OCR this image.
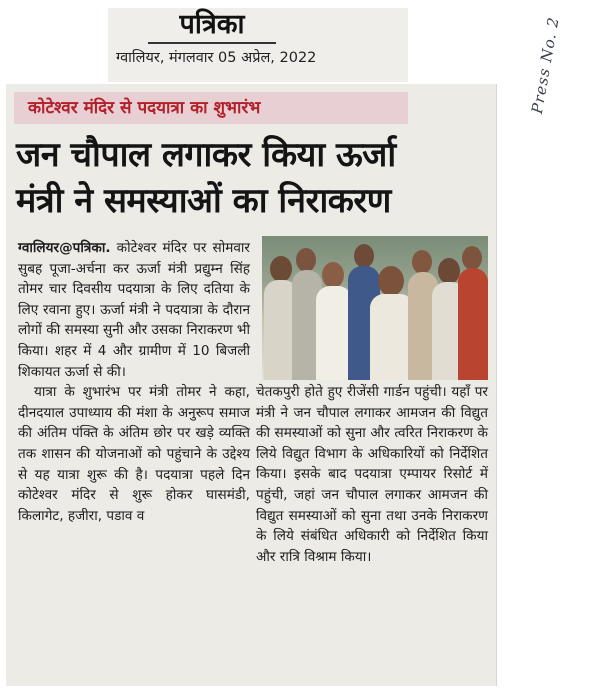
पत्रिका
ग्वालियर, मंगलवार 05 अप्रेल, 2022
कोटेश्वर मंदिर से पदयात्रा का शुभारंभ
जन चौपाल लगाकर किया ऊर्जा
मंत्री ने समस्याओं का निराकरण

ग्वालियर@पत्रिका. कोटेश्वर मंदिर पर सोमवार सुबह पूजा-अर्चना कर ऊर्जा मंत्री प्रद्युम्न सिंह तोमर चार दिवसीय पदयात्रा के लिए दतिया के लिए रवाना हुए। ऊर्जा मंत्री ने पदयात्रा के दौरान लोगों की समस्या सुनी और उसका निराकरण भी किया। शहर में 4 और ग्रामीण में 10 बिजली शिकायत ऊर्जा से की।

यात्रा के शुभारंभ पर मंत्री तोमर ने कहा, दीनदयाल उपाध्याय की मंशा के अनुरूप समाज की अंतिम पंक्ति के अंतिम छोर पर खड़े व्यक्ति तक शासन की योजनाओं को पहुंचाने के उद्देश्य से यह यात्रा शुरू की है। पदयात्रा पहले दिन कोटेश्वर मंदिर से शुरू होकर घासमंडी, किलागेट, हजीरा, पडाव व

चेतकपुरी होते हुए रीजेंसी गार्डन पहुंची। यहाँ पर मंत्री ने जन चौपाल लगाकर आमजन की विद्युत की समस्याओं को सुना और त्वरित निराकरण के लिये विद्युत विभाग के अधिकारियों को निर्देशित किया। इसके बाद पदयात्रा एम्पायर रिसोर्ट में पहुंची, जहां जन चौपाल लगाकर आमजन की विद्युत समस्याओं को सुना तथा उनके निराकरण के लिये संबंधित अधिकारी को निर्देशित किया और रात्रि विश्राम किया।

Press No. 2
